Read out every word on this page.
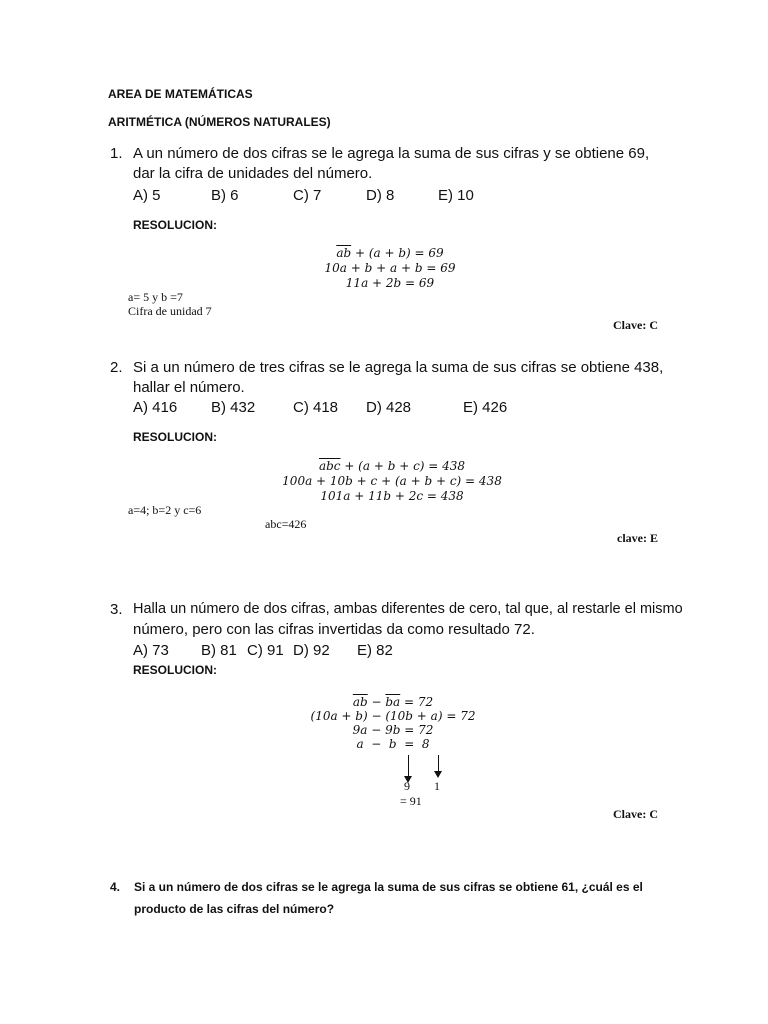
AREA DE MATEMÁTICAS
ARITMÉTICA (NÚMEROS NATURALES)
1. A un número de dos cifras se le agrega la suma de sus cifras y se obtiene 69,
dar la cifra de unidades del número.
A) 5	B) 6	C) 7	D) 8	E) 10
RESOLUCION:
$\overline{ab} + (a + b) = 69$
10a + b + a + b = 69
11a + 2b = 69
a= 5 y b =7
Cifra de unidad 7
Clave: C
2. Si a un número de tres cifras se le agrega la suma de sus cifras se obtiene 438,
hallar el número.
A) 416 B) 432	C) 418 D) 428	E) 426
RESOLUCION:
$\overline{abc} + (a + b + c) = 438$
100a + 10b + c + (a + b + c) = 438
101a + 11b + 2c = 438
a=4; b=2 y c=6
abc=426
clave: E
3. Halla un número de dos cifras, ambas diferentes de cero, tal que, al restarle el mismo
número, pero con las cifras invertidas da como resultado 72.
A) 73 B) 81 C) 91 D) 92 E) 82
RESOLUCION:
$\overline{ab} - \overline{ba} = 72$
(10a + b) − (10b + a) = 72
9a − 9b = 72
a  −  b  =  8
9 1
= 91
Clave: C
4. Si a un número de dos cifras se le agrega la suma de sus cifras se obtiene 61, ¿cuál es el
producto de las cifras del número?
